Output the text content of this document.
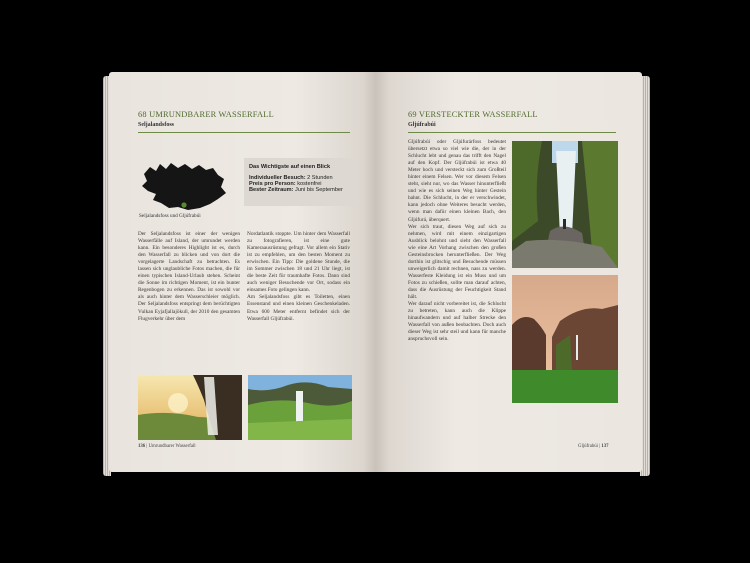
68 UMRUNDBARER WASSERFALL
Seljalandsfoss
Seljalandsfoss und Gljúfrabúi
Das Wichtigste auf einen Blick
Individueller Besuch: 2 Stunden
Preis pro Person: kostenfrei
Bester Zeitraum: Juni bis September

Der Seljalandsfoss ist einer der wenigen Wasserfälle auf Island, der umrundet werden kann. Ein besonderes Highlight ist es, durch den Wasserfall zu blicken und von dort die vorgelagerte Landschaft zu betrachten. Es lassen sich unglaubliche Fotos machen, die für einen typischen Island-Urlaub stehen. Scheint die Sonne im richtigen Moment, ist ein bunter Regenbogen zu erkennen. Das ist sowohl vor als auch hinter dem Wasserschleier möglich. Der Seljalandsfoss entspringt dem berüchtigten Vulkan Eyjafjallajökull, der 2010 den gesamten Flugverkehr über dem

Nordatlantik stoppte. Um hinter dem Wasserfall zu fotografieren, ist eine gute Kameraausrüstung gefragt. Vor allem ein Stativ ist zu empfehlen, um den besten Moment zu erwischen. Ein Tipp: Die goldene Stunde, die im Sommer zwischen 18 und 21 Uhr liegt, ist die beste Zeit für traumhafte Fotos. Dann sind auch weniger Besuchende vor Ort, sodass ein einsames Foto gelingen kann.

Am Seljalandsfoss gibt es Toiletten, einen Essenstand und einen kleinen Geschenkeladen. Etwa 600 Meter entfernt befindet sich der Wasserfall Gljúfrabúi.

136 | Umrundbarer Wasserfall
69 VERSTECKTER WASSERFALL
Gljúfrabúi

Gljúfrabúi oder Gljúfurárfoss bedeutet übersetzt etwa so viel wie die, der in der Schlucht lebt und genau das trifft den Nagel auf den Kopf. Der Gljúfrabúi ist etwa 40 Meter hoch und versteckt sich zum Großteil hinter einem Felsen. Wer vor diesem Felsen steht, sieht nur, wo das Wasser hinunterfließt und wie es sich seinen Weg hinter Gestein bahnt. Die Schlucht, in der er verschwindet, kann jedoch ohne Weiteres besucht werden, wenn man dafür einen kleinen Bach, den Gljúfurá, überquert.

Wer sich traut, diesen Weg auf sich zu nehmen, wird mit einem einzigartigen Ausblick belohnt und sieht den Wasserfall wie eine Art Vorhang zwischen den großen Gesteinsbrocken herunterfließen. Der Weg dorthin ist glitschig und Besuchende müssen unweigerlich damit rechnen, nass zu werden. Wasserfeste Kleidung ist ein Muss und um Fotos zu schießen, sollte man darauf achten, dass die Ausrüstung der Feuchtigkeit Stand hält.

Wer darauf nicht vorbereitet ist, die Schlucht zu betreten, kann auch die Klippe hinaufwandern und auf halber Strecke den Wasserfall von außen beobachten. Doch auch dieser Weg ist sehr steil und kann für manche anspruchsvoll sein.

Gljúfrabúi | 137
